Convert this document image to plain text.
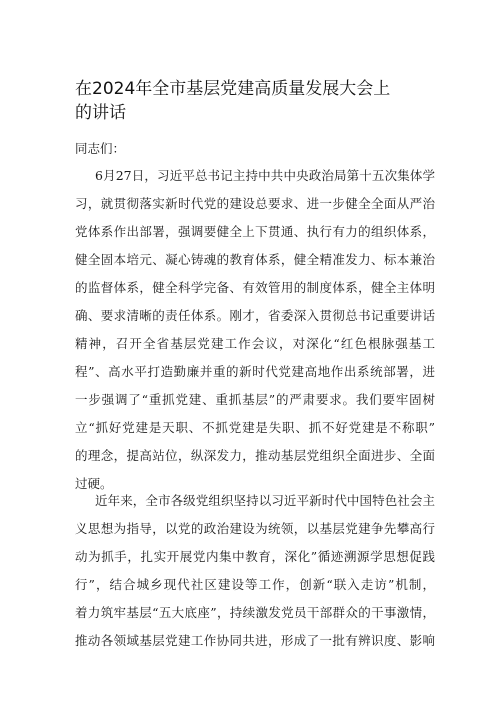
在2024年全市基层党建高质量发展大会上
的讲话

同志们：

6月27日，习近平总书记主持中共中央政治局第十五次集体学
习，就贯彻落实新时代党的建设总要求、进一步健全全面从严治
党体系作出部署，强调要健全上下贯通、执行有力的组织体系，
健全固本培元、凝心铸魂的教育体系，健全精准发力、标本兼治
的监督体系，健全科学完备、有效管用的制度体系，健全主体明
确、要求清晰的责任体系。刚才，省委深入贯彻总书记重要讲话
精神，召开全省基层党建工作会议，对深化“红色根脉强基工
程”、高水平打造勤廉并重的新时代党建高地作出系统部署，进
一步强调了“重抓党建、重抓基层”的严肃要求。我们要牢固树
立“抓好党建是天职、不抓党建是失职、抓不好党建是不称职”
的理念，提高站位，纵深发力，推动基层党组织全面进步、全面
过硬。
近年来，全市各级党组织坚持以习近平新时代中国特色社会主
义思想为指导，以党的政治建设为统领，以基层党建争先攀高行
动为抓手，扎实开展党内集中教育，深化”循迹溯源学思想促践
行”，结合城乡现代社区建设等工作，创新“联入走访”机制，
着力筑牢基层“五大底座”，持续激发党员干部群众的干事激情，
推动各领域基层党建工作协同共进，形成了一批有辨识度、影响
